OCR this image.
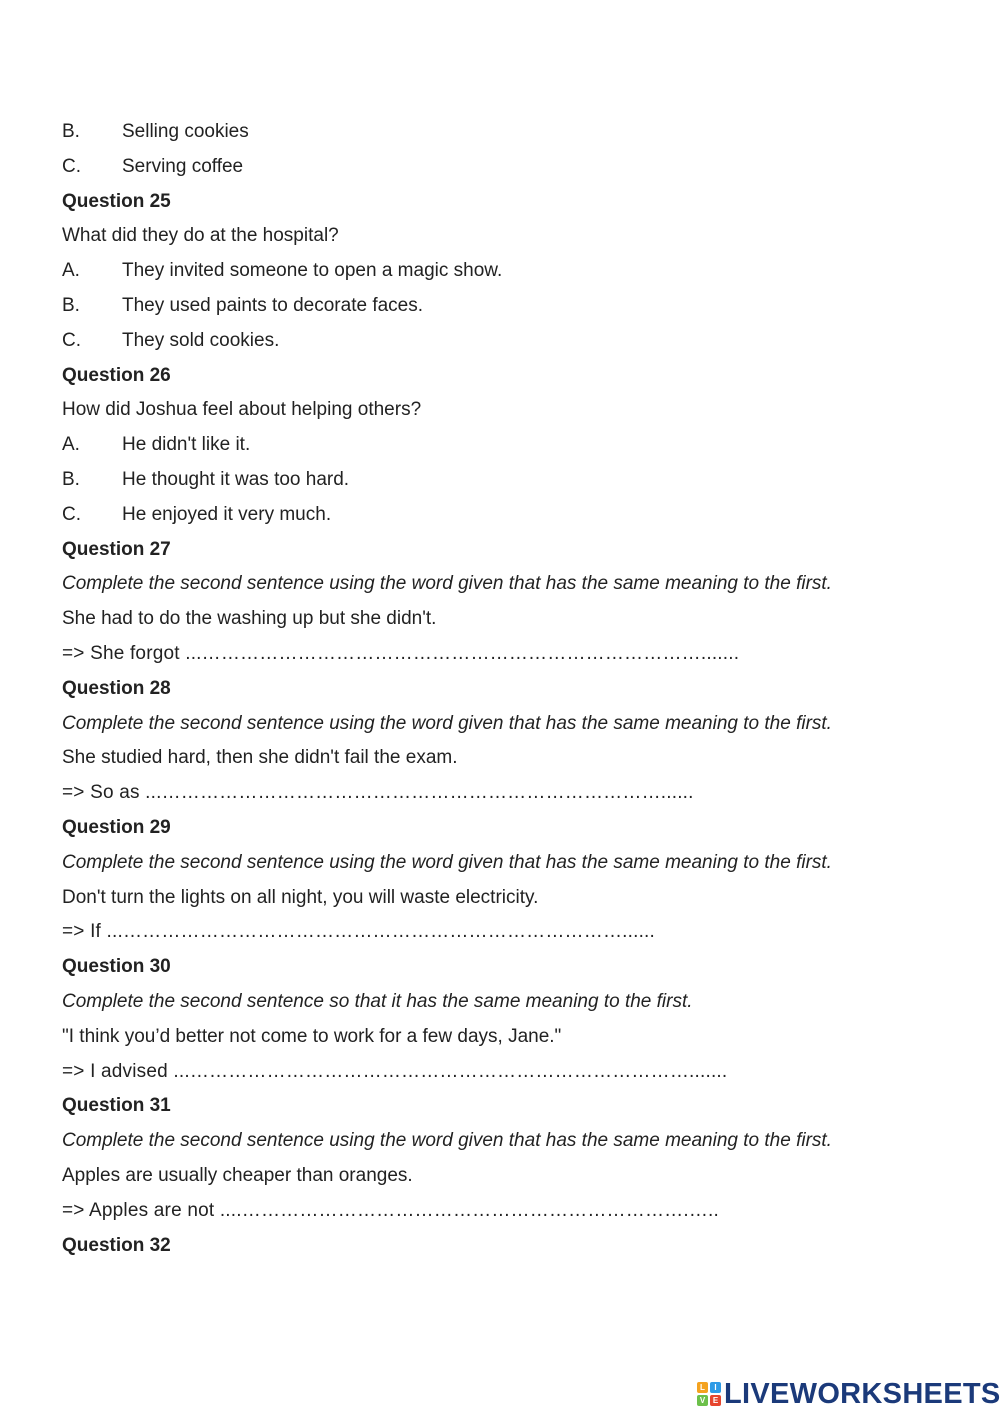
B. Selling cookies
C. Serving coffee
Question 25
What did they do at the hospital?
A. They invited someone to open a magic show.
B. They used paints to decorate faces.
C. They sold cookies.
Question 26
How did Joshua feel about helping others?
A. He didn't like it.
B. He thought it was too hard.
C. He enjoyed it very much.
Question 27
Complete the second sentence using the word given that has the same meaning to the first.
She had to do the washing up but she didn't.
=> She forgot ...…………………………………………………………………….......
Question 28
Complete the second sentence using the word given that has the same meaning to the first.
She studied hard, then she didn't fail the exam.
=> So as ...……………………………………………………………………......
Question 29
Complete the second sentence using the word given that has the same meaning to the first.
Don't turn the lights on all night, you will waste electricity.
=> If ...……………………………………………………………………......
Question 30
Complete the second sentence so that it has the same meaning to the first.
"I think you’d better not come to work for a few days, Jane."
=> I advised ...…………………………………………………………………….......
Question 31
Complete the second sentence using the word given that has the same meaning to the first.
Apples are usually cheaper than oranges.
=> Apples are not ....…………………………………………………………….…..
Question 32
L	I
V E LIVEWORKSHEETS
